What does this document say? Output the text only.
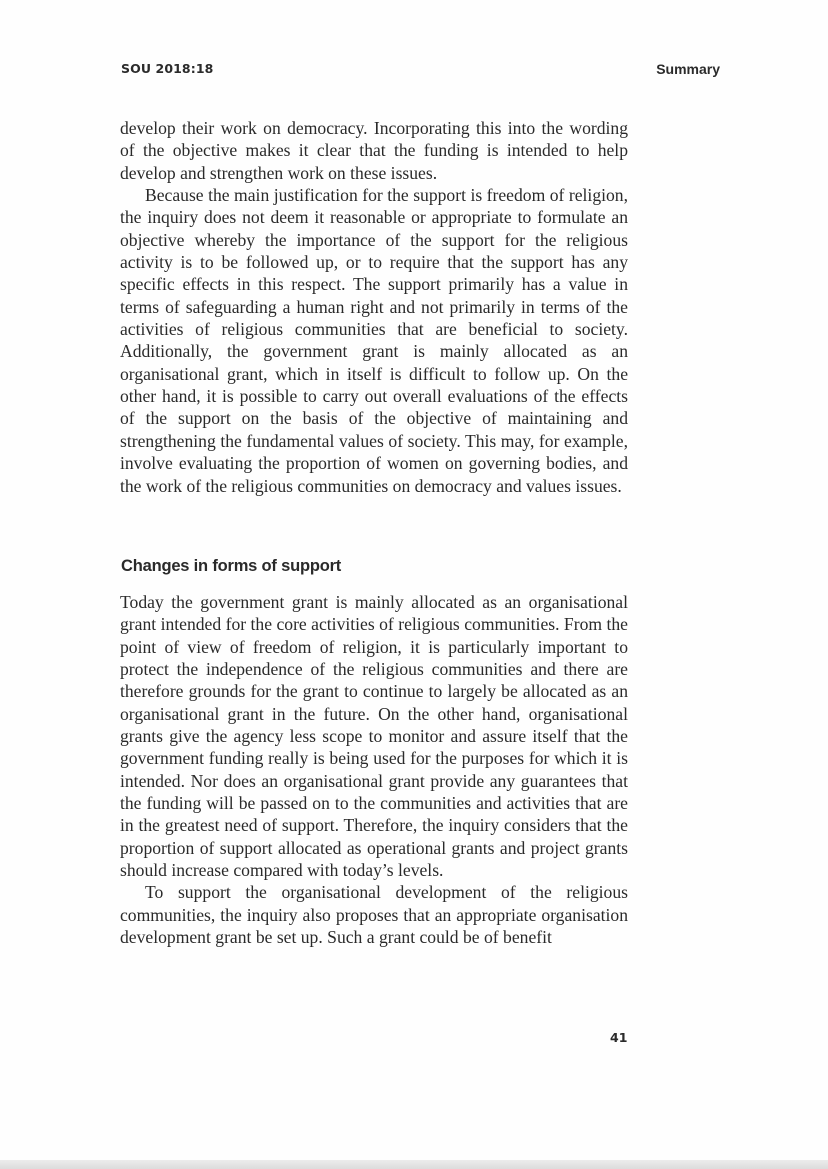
SOU 2018:18	Summary

develop their work on democracy. Incorporating this into the wording of the objective makes it clear that the funding is intended to help develop and strengthen work on these issues.

Because the main justification for the support is freedom of religion, the inquiry does not deem it reasonable or appropriate to formulate an objective whereby the importance of the support for the religious activity is to be followed up, or to require that the support has any specific effects in this respect. The support primarily has a value in terms of safeguarding a human right and not primarily in terms of the activities of religious communities that are beneficial to society. Additionally, the government grant is mainly allocated as an organisational grant, which in itself is difficult to follow up. On the other hand, it is possible to carry out overall evaluations of the effects of the support on the basis of the objective of maintaining and strengthening the fundamental values of society. This may, for example, involve evaluating the proportion of women on governing bodies, and the work of the religious communities on democracy and values issues.

Changes in forms of support

Today the government grant is mainly allocated as an organisational grant intended for the core activities of religious communities. From the point of view of freedom of religion, it is particularly important to protect the independence of the religious communities and there are therefore grounds for the grant to continue to largely be allocated as an organisational grant in the future. On the other hand, organisational grants give the agency less scope to monitor and assure itself that the government funding really is being used for the purposes for which it is intended. Nor does an organisational grant provide any guarantees that the funding will be passed on to the communities and activities that are in the greatest need of support. Therefore, the inquiry considers that the proportion of support allocated as operational grants and project grants should increase compared with today’s levels.

To support the organisational development of the religious communities, the inquiry also proposes that an appropriate organisation development grant be set up. Such a grant could be of benefit

41
